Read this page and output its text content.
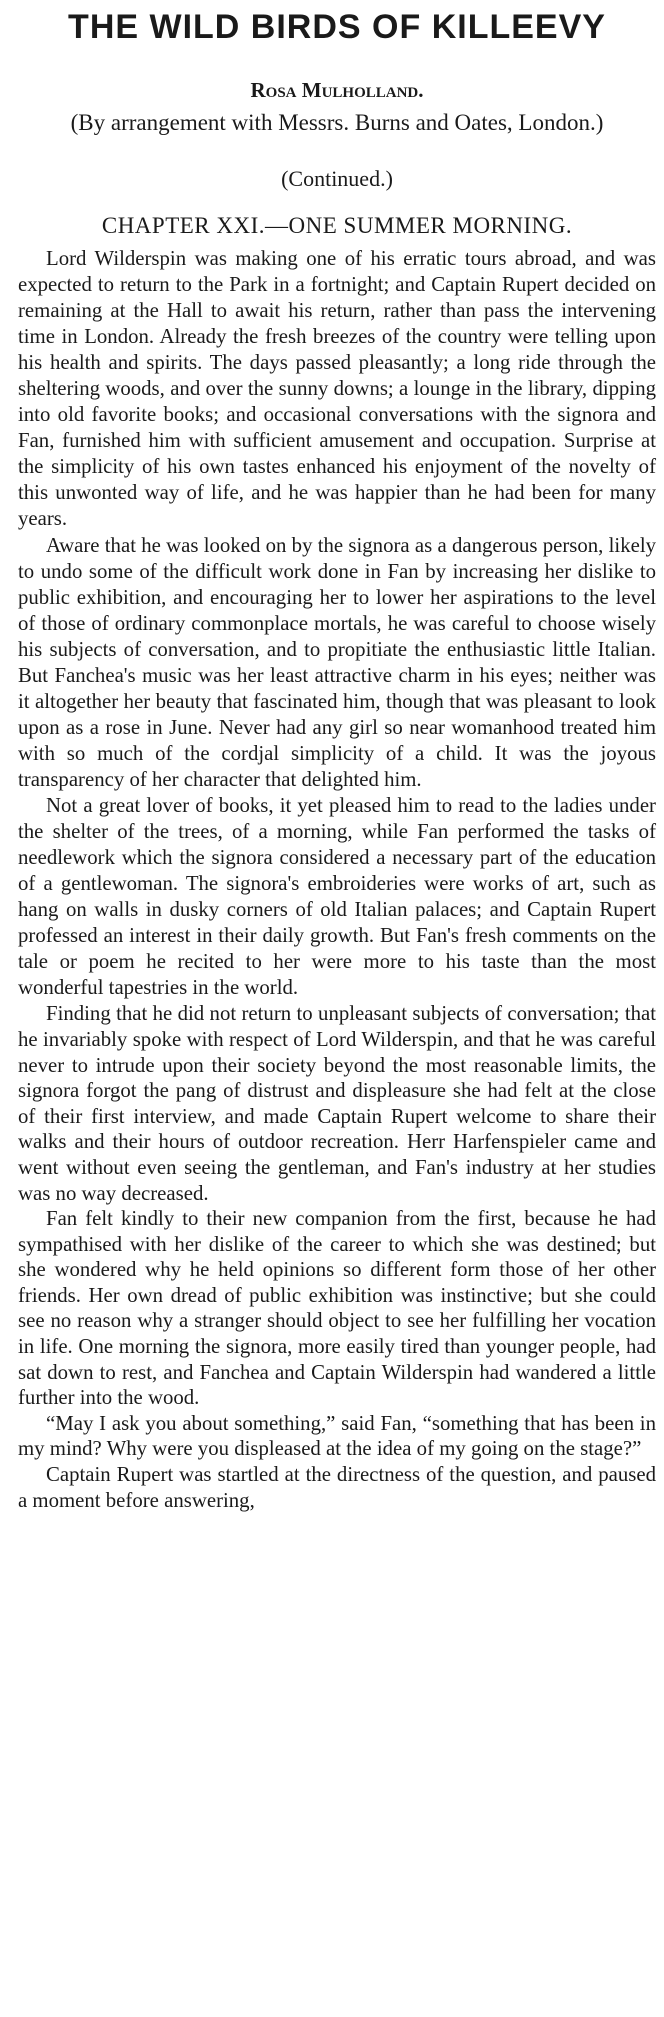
THE WILD BIRDS OF KILLEEVY
Rosa Mulholland.
(By arrangement with Messrs. Burns and Oates, London.)
(Continued.)
CHAPTER XXI.—ONE SUMMER MORNING.

Lord Wilderspin was making one of his erratic tours abroad, and was expected to return to the Park in a fortnight; and Captain Rupert decided on remaining at the Hall to await his return, rather than pass the intervening time in London. Already the fresh breezes of the country were telling upon his health and spirits. The days passed pleasantly; a long ride through the sheltering woods, and over the sunny downs; a lounge in the library, dipping into old favorite books; and occasional conversations with the signora and Fan, furnished him with sufficient amusement and occupation. Surprise at the simplicity of his own tastes enhanced his enjoyment of the novelty of this unwonted way of life, and he was happier than he had been for many years.

Aware that he was looked on by the signora as a dangerous person, likely to undo some of the difficult work done in Fan by increasing her dislike to public exhibition, and encouraging her to lower her aspirations to the level of those of ordinary commonplace mortals, he was careful to choose wisely his subjects of conversation, and to propitiate the enthusiastic little Italian. But Fanchea's music was her least attractive charm in his eyes; neither was it altogether her beauty that fascinated him, though that was pleasant to look upon as a rose in June. Never had any girl so near womanhood treated him with so much of the cordjal simplicity of a child. It was the joyous transparency of her character that delighted him.

Not a great lover of books, it yet pleased him to read to the ladies under the shelter of the trees, of a morning, while Fan performed the tasks of needlework which the signora considered a necessary part of the education of a gentlewoman. The signora's embroideries were works of art, such as hang on walls in dusky corners of old Italian palaces; and Captain Rupert professed an interest in their daily growth. But Fan's fresh comments on the tale or poem he recited to her were more to his taste than the most wonderful tapestries in the world.

Finding that he did not return to unpleasant subjects of conversation; that he invariably spoke with respect of Lord Wilderspin, and that he was careful never to intrude upon their society beyond the most reasonable limits, the signora forgot the pang of distrust and displeasure she had felt at the close of their first interview, and made Captain Rupert welcome to share their walks and their hours of outdoor recreation. Herr Harfenspieler came and went without even seeing the gentleman, and Fan's industry at her studies was no way decreased.

Fan felt kindly to their new companion from the first, because he had sympathised with her dislike of the career to which she was destined; but she wondered why he held opinions so different form those of her other friends. Her own dread of public exhibition was instinctive; but she could see no reason why a stranger should object to see her fulfilling her vocation in life. One morning the signora, more easily tired than younger people, had sat down to rest, and Fanchea and Captain Wilderspin had wandered a little further into the wood.

“May I ask you about something,” said Fan, “something that has been in my mind? Why were you displeased at the idea of my going on the stage?”

Captain Rupert was startled at the directness of the question, and paused a moment before answering,
